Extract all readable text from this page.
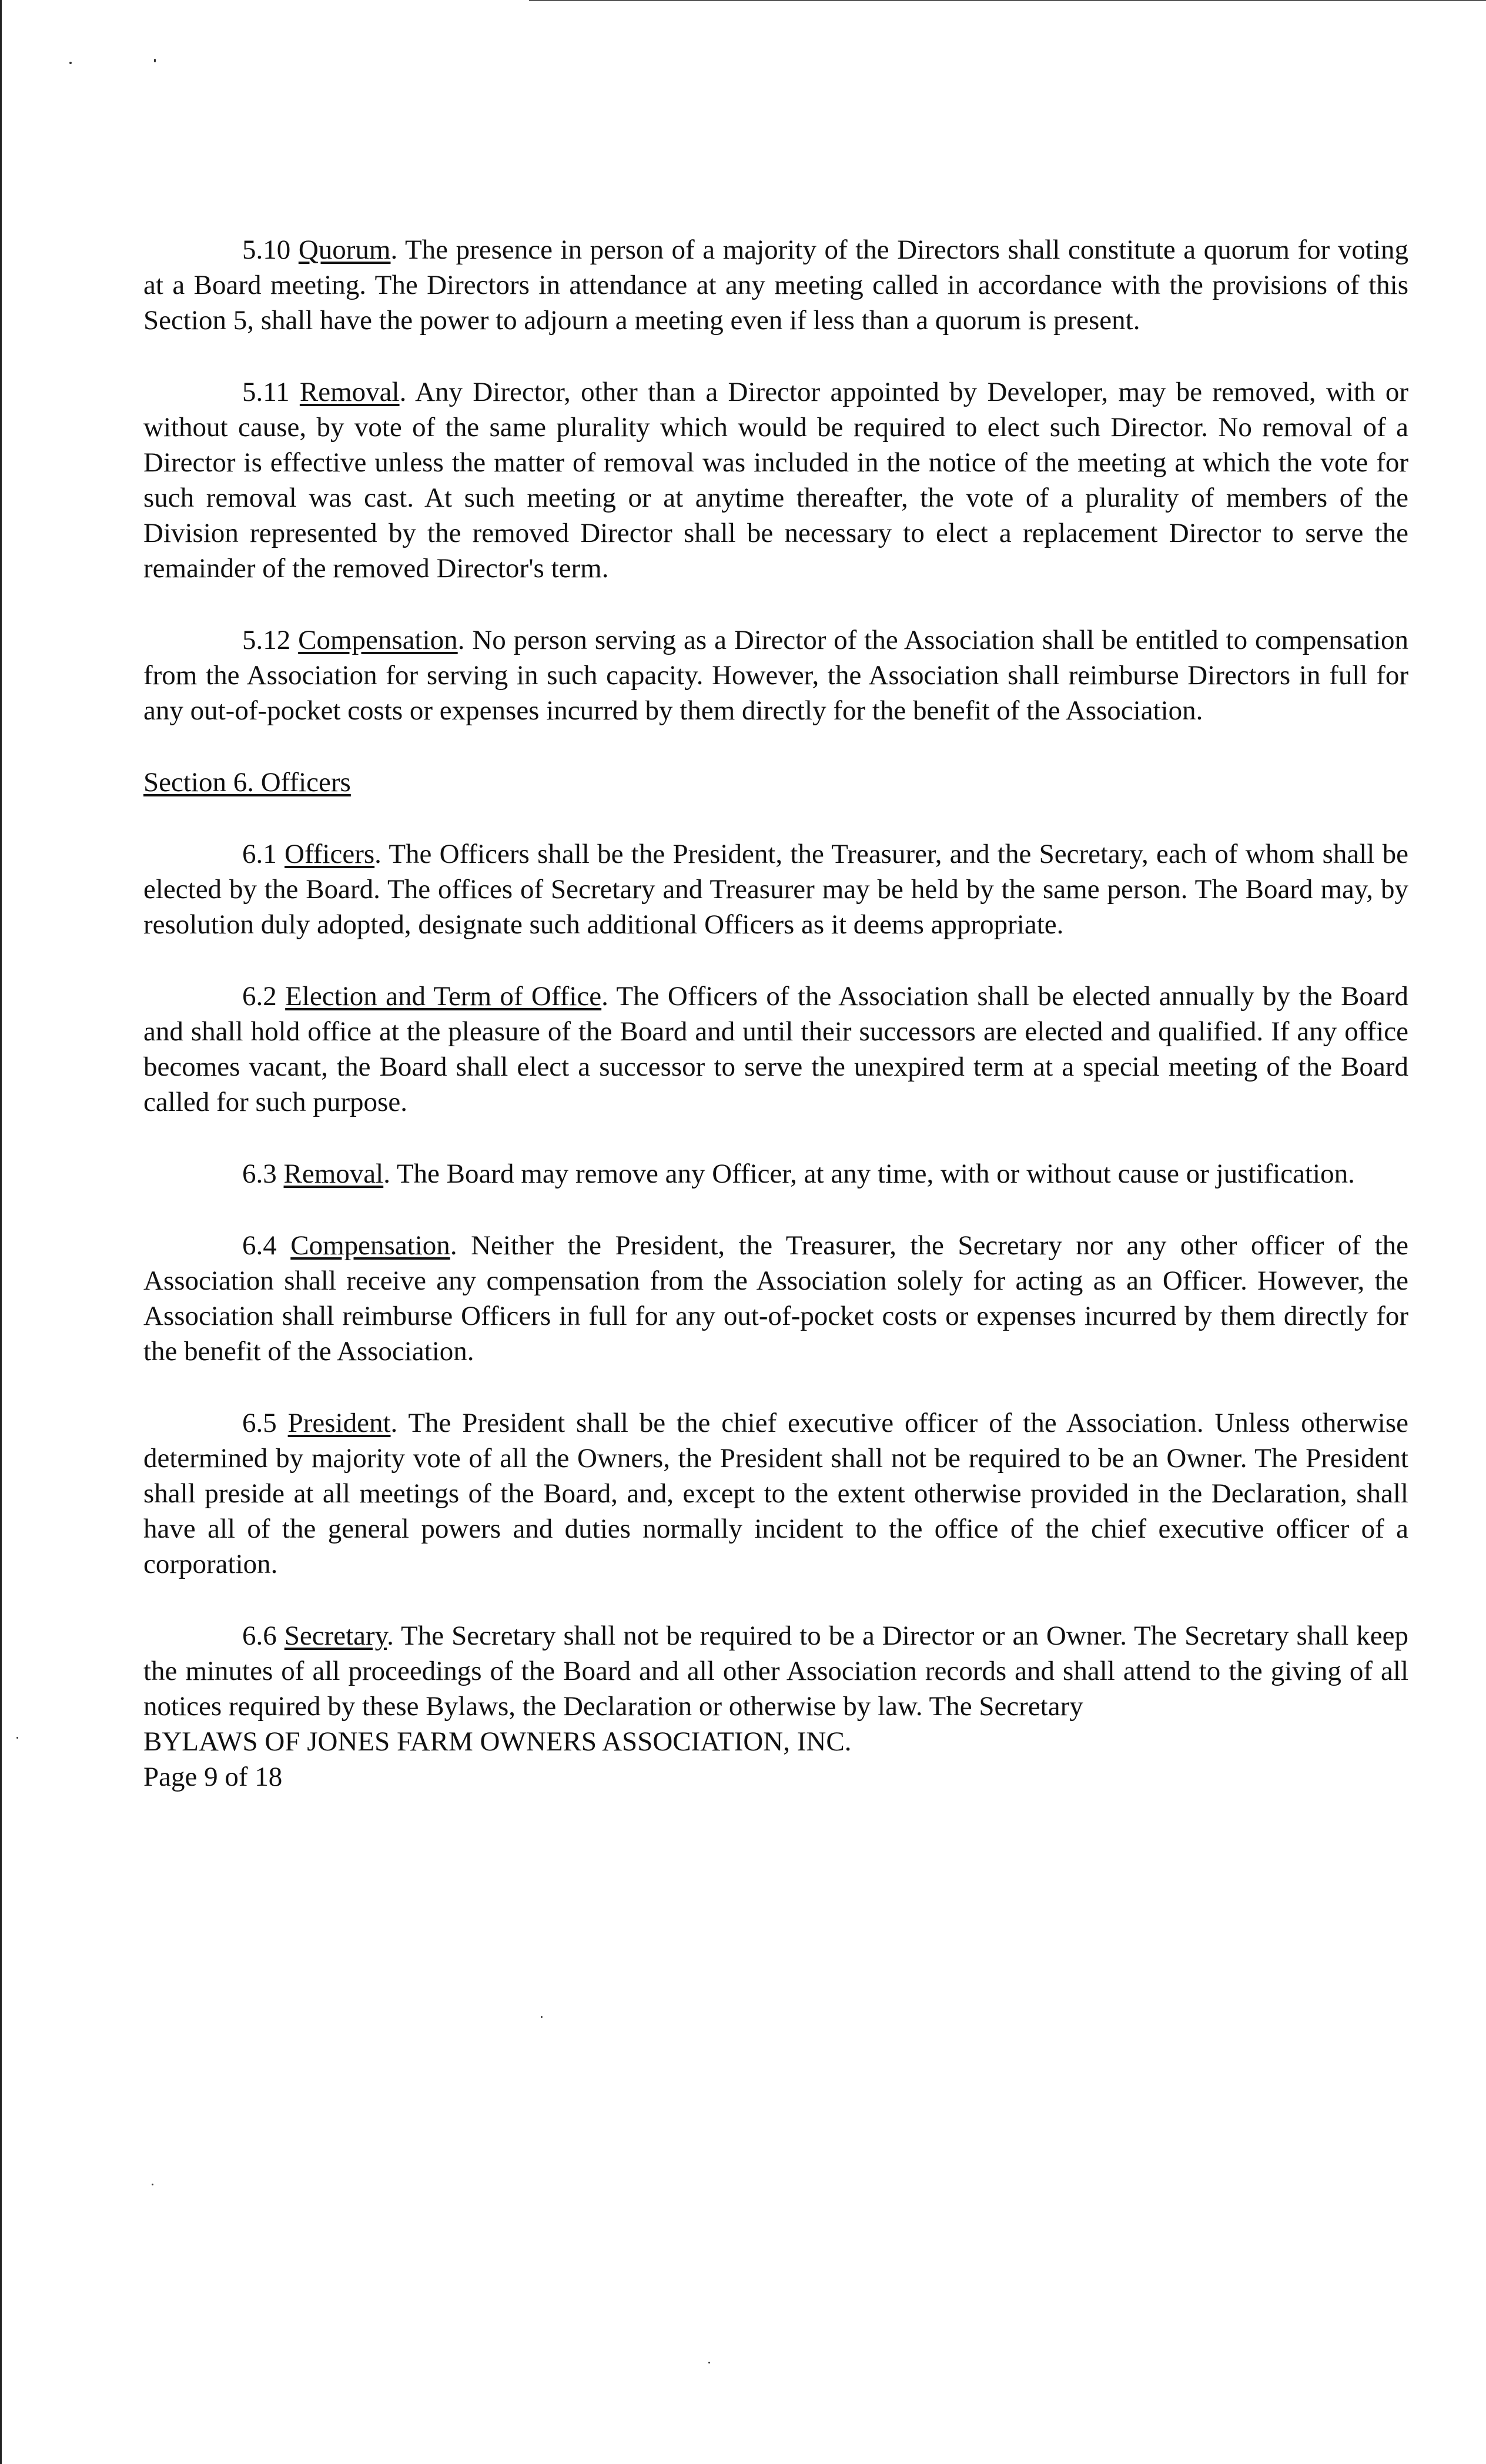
5.10 Quorum. The presence in person of a majority of the Directors shall constitute a quorum for voting at a Board meeting. The Directors in attendance at any meeting called in accordance with the provisions of this Section 5, shall have the power to adjourn a meeting even if less than a quorum is present.

5.11 Removal. Any Director, other than a Director appointed by Developer, may be removed, with or without cause, by vote of the same plurality which would be required to elect such Director. No removal of a Director is effective unless the matter of removal was included in the notice of the meeting at which the vote for such removal was cast. At such meeting or at anytime thereafter, the vote of a plurality of members of the Division represented by the removed Director shall be necessary to elect a replacement Director to serve the remainder of the removed Director's term.

5.12 Compensation. No person serving as a Director of the Association shall be entitled to compensation from the Association for serving in such capacity. However, the Association shall reimburse Directors in full for any out-of-pocket costs or expenses incurred by them directly for the benefit of the Association.

Section 6. Officers

6.1 Officers. The Officers shall be the President, the Treasurer, and the Secretary, each of whom shall be elected by the Board. The offices of Secretary and Treasurer may be held by the same person. The Board may, by resolution duly adopted, designate such additional Officers as it deems appropriate.

6.2 Election and Term of Office. The Officers of the Association shall be elected annually by the Board and shall hold office at the pleasure of the Board and until their successors are elected and qualified. If any office becomes vacant, the Board shall elect a successor to serve the unexpired term at a special meeting of the Board called for such purpose.

6.3 Removal. The Board may remove any Officer, at any time, with or without cause or justification.

6.4 Compensation. Neither the President, the Treasurer, the Secretary nor any other officer of the Association shall receive any compensation from the Association solely for acting as an Officer. However, the Association shall reimburse Officers in full for any out-of-pocket costs or expenses incurred by them directly for the benefit of the Association.

6.5 President. The President shall be the chief executive officer of the Association. Unless otherwise determined by majority vote of all the Owners, the President shall not be required to be an Owner. The President shall preside at all meetings of the Board, and, except to the extent otherwise provided in the Declaration, shall have all of the general powers and duties normally incident to the office of the chief executive officer of a corporation.

6.6 Secretary. The Secretary shall not be required to be a Director or an Owner. The Secretary shall keep the minutes of all proceedings of the Board and all other Association records and shall attend to the giving of all notices required by these Bylaws, the Declaration or otherwise by law. The Secretary

BYLAWS OF JONES FARM OWNERS ASSOCIATION, INC.
Page 9 of 18
